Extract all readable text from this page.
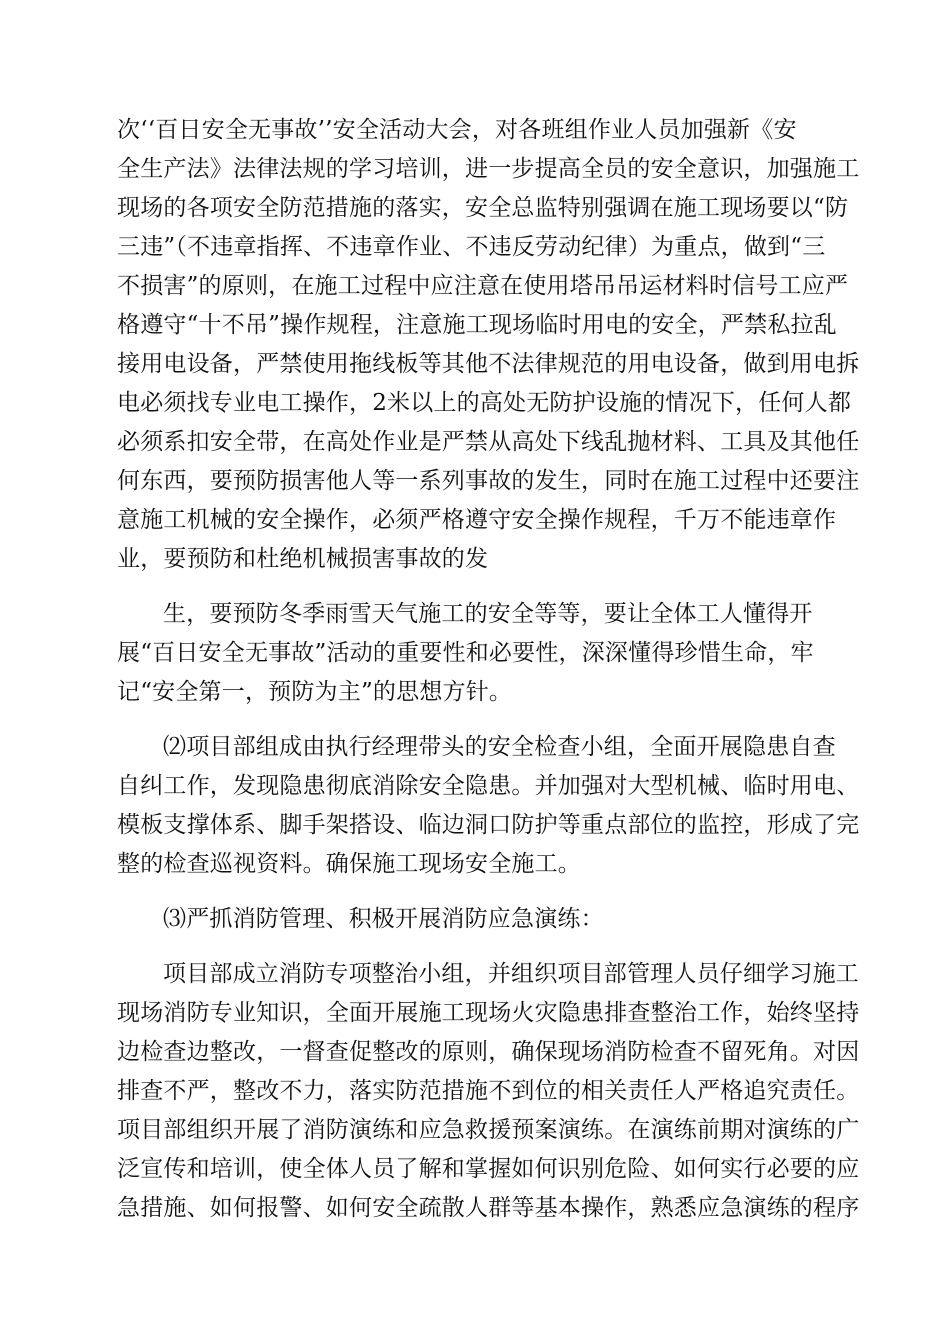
次‘‘百日安全无事故’’安全活动大会，对各班组作业人员加强新《安
全生产法》法律法规的学习培训，进一步提高全员的安全意识，加强施工
现场的各项安全防范措施的落实，安全总监特别强调在施工现场要以“防
三违”（不违章指挥、不违章作业、不违反劳动纪律）为重点，做到“三
不损害”的原则，在施工过程中应注意在使用塔吊吊运材料时信号工应严
格遵守“十不吊”操作规程，注意施工现场临时用电的安全，严禁私拉乱
接用电设备，严禁使用拖线板等其他不法律规范的用电设备，做到用电拆
电必须找专业电工操作，2米以上的高处无防护设施的情况下，任何人都
必须系扣安全带，在高处作业是严禁从高处下线乱抛材料、工具及其他任
何东西，要预防损害他人等一系列事故的发生，同时在施工过程中还要注
意施工机械的安全操作，必须严格遵守安全操作规程，千万不能违章作
业，要预防和杜绝机械损害事故的发
生，要预防冬季雨雪天气施工的安全等等，要让全体工人懂得开
展“百日安全无事故”活动的重要性和必要性，深深懂得珍惜生命，牢
记“安全第一，预防为主”的思想方针。
⑵项目部组成由执行经理带头的安全检查小组，全面开展隐患自查
自纠工作，发现隐患彻底消除安全隐患。并加强对大型机械、临时用电、
模板支撑体系、脚手架搭设、临边洞口防护等重点部位的监控，形成了完
整的检查巡视资料。确保施工现场安全施工。
⑶严抓消防管理、积极开展消防应急演练：
项目部成立消防专项整治小组，并组织项目部管理人员仔细学习施工
现场消防专业知识，全面开展施工现场火灾隐患排查整治工作，始终坚持
边检查边整改，一督查促整改的原则，确保现场消防检查不留死角。对因
排查不严，整改不力，落实防范措施不到位的相关责任人严格追究责任。
项目部组织开展了消防演练和应急救援预案演练。在演练前期对演练的广
泛宣传和培训，使全体人员了解和掌握如何识别危险、如何实行必要的应
急措施、如何报警、如何安全疏散人群等基本操作，熟悉应急演练的程序
